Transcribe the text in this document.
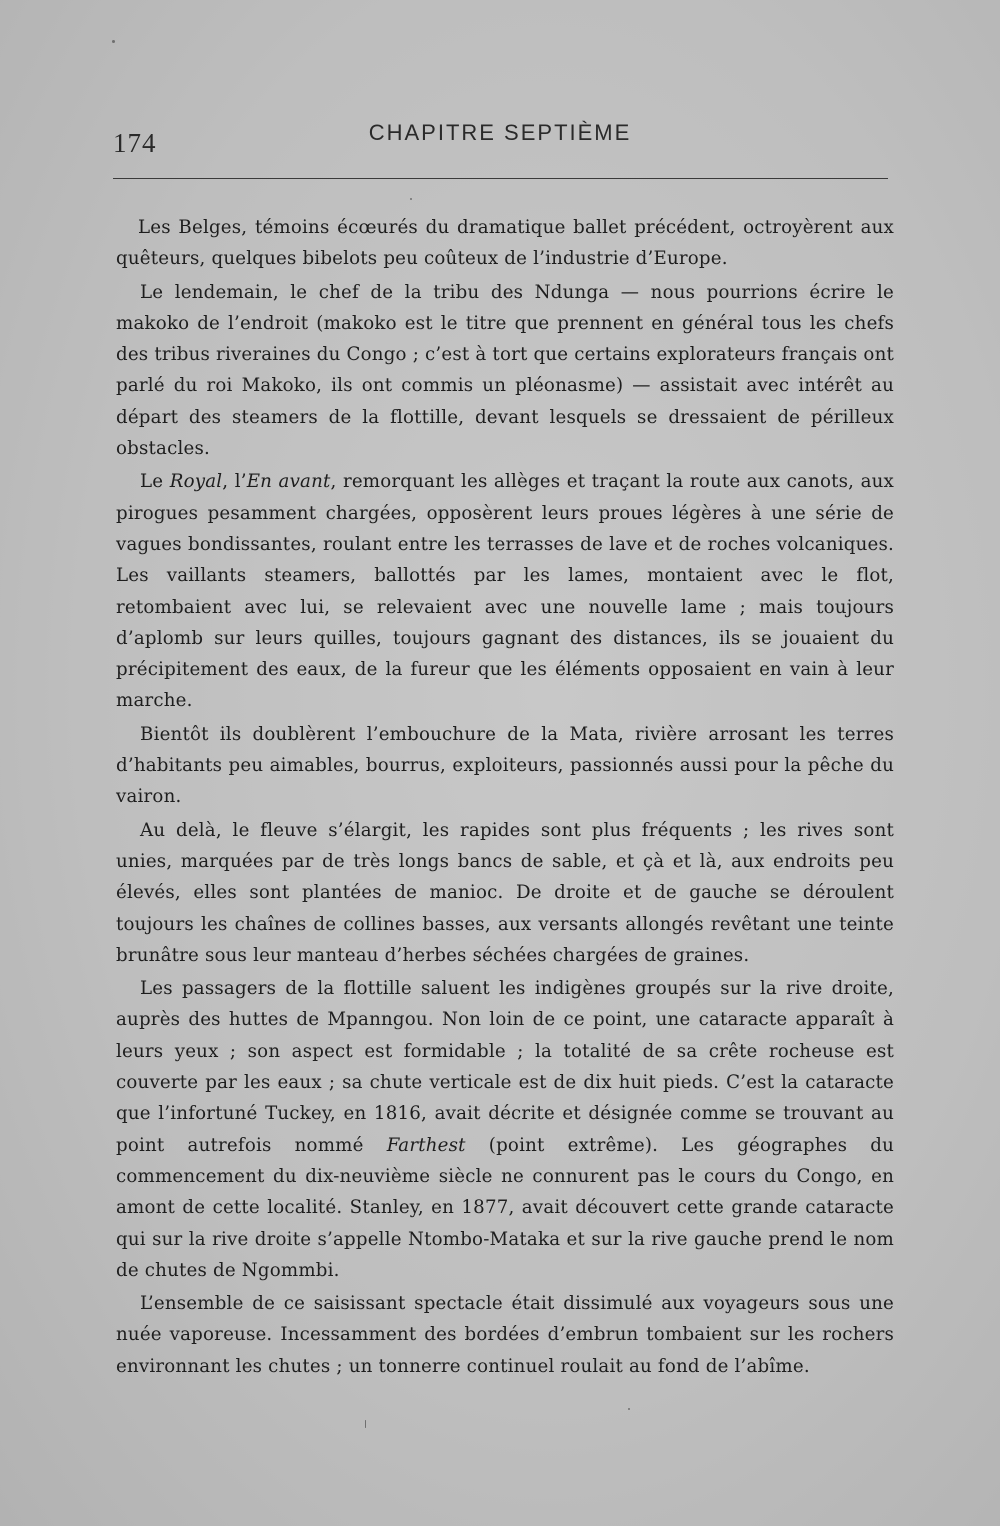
174	CHAPITRE SEPTIÈME

Les Belges, témoins écœurés du dramatique ballet précédent, octroyèrent aux quêteurs, quelques bibelots peu coûteux de l’industrie d’Europe.

Le lendemain, le chef de la tribu des Ndunga — nous pourrions écrire le makoko de l’endroit (makoko est le titre que prennent en général tous les chefs des tribus riveraines du Congo ; c’est à tort que certains explorateurs français ont parlé du roi Makoko, ils ont commis un pléonasme) — assistait avec intérêt au départ des steamers de la flottille, devant lesquels se dressaient de périlleux obstacles.

Le Royal, l’En avant, remorquant les allèges et traçant la route aux canots, aux pirogues pesamment chargées, opposèrent leurs proues légères à une série de vagues bondissantes, roulant entre les terrasses de lave et de roches volcaniques. Les vaillants steamers, ballottés par les lames, montaient avec le flot, retombaient avec lui, se relevaient avec une nouvelle lame ; mais toujours d’aplomb sur leurs quilles, toujours gagnant des distances, ils se jouaient du précipitement des eaux, de la fureur que les éléments opposaient en vain à leur marche.

Bientôt ils doublèrent l’embouchure de la Mata, rivière arrosant les terres d’habitants peu aimables, bourrus, exploiteurs, passionnés aussi pour la pêche du vairon.

Au delà, le fleuve s’élargit, les rapides sont plus fréquents ; les rives sont unies, marquées par de très longs bancs de sable, et çà et là, aux endroits peu élevés, elles sont plantées de manioc. De droite et de gauche se déroulent toujours les chaînes de collines basses, aux versants allongés revêtant une teinte brunâtre sous leur manteau d’herbes séchées chargées de graines.

Les passagers de la flottille saluent les indigènes groupés sur la rive droite, auprès des huttes de Mpanngou. Non loin de ce point, une cataracte apparaît à leurs yeux ; son aspect est formidable ; la totalité de sa crête rocheuse est couverte par les eaux ; sa chute verticale est de dix huit pieds. C’est la cataracte que l’infortuné Tuckey, en 1816, avait décrite et désignée comme se trouvant au point autrefois nommé Farthest (point extrême). Les géographes du commencement du dix-neuvième siècle ne connurent pas le cours du Congo, en amont de cette localité. Stanley, en 1877, avait découvert cette grande cataracte qui sur la rive droite s’appelle Ntombo-Mataka et sur la rive gauche prend le nom de chutes de Ngommbi.

L’ensemble de ce saisissant spectacle était dissimulé aux voyageurs sous une nuée vaporeuse. Incessamment des bordées d’embrun tombaient sur les rochers environnant les chutes ; un tonnerre continuel roulait au fond de l’abîme.
